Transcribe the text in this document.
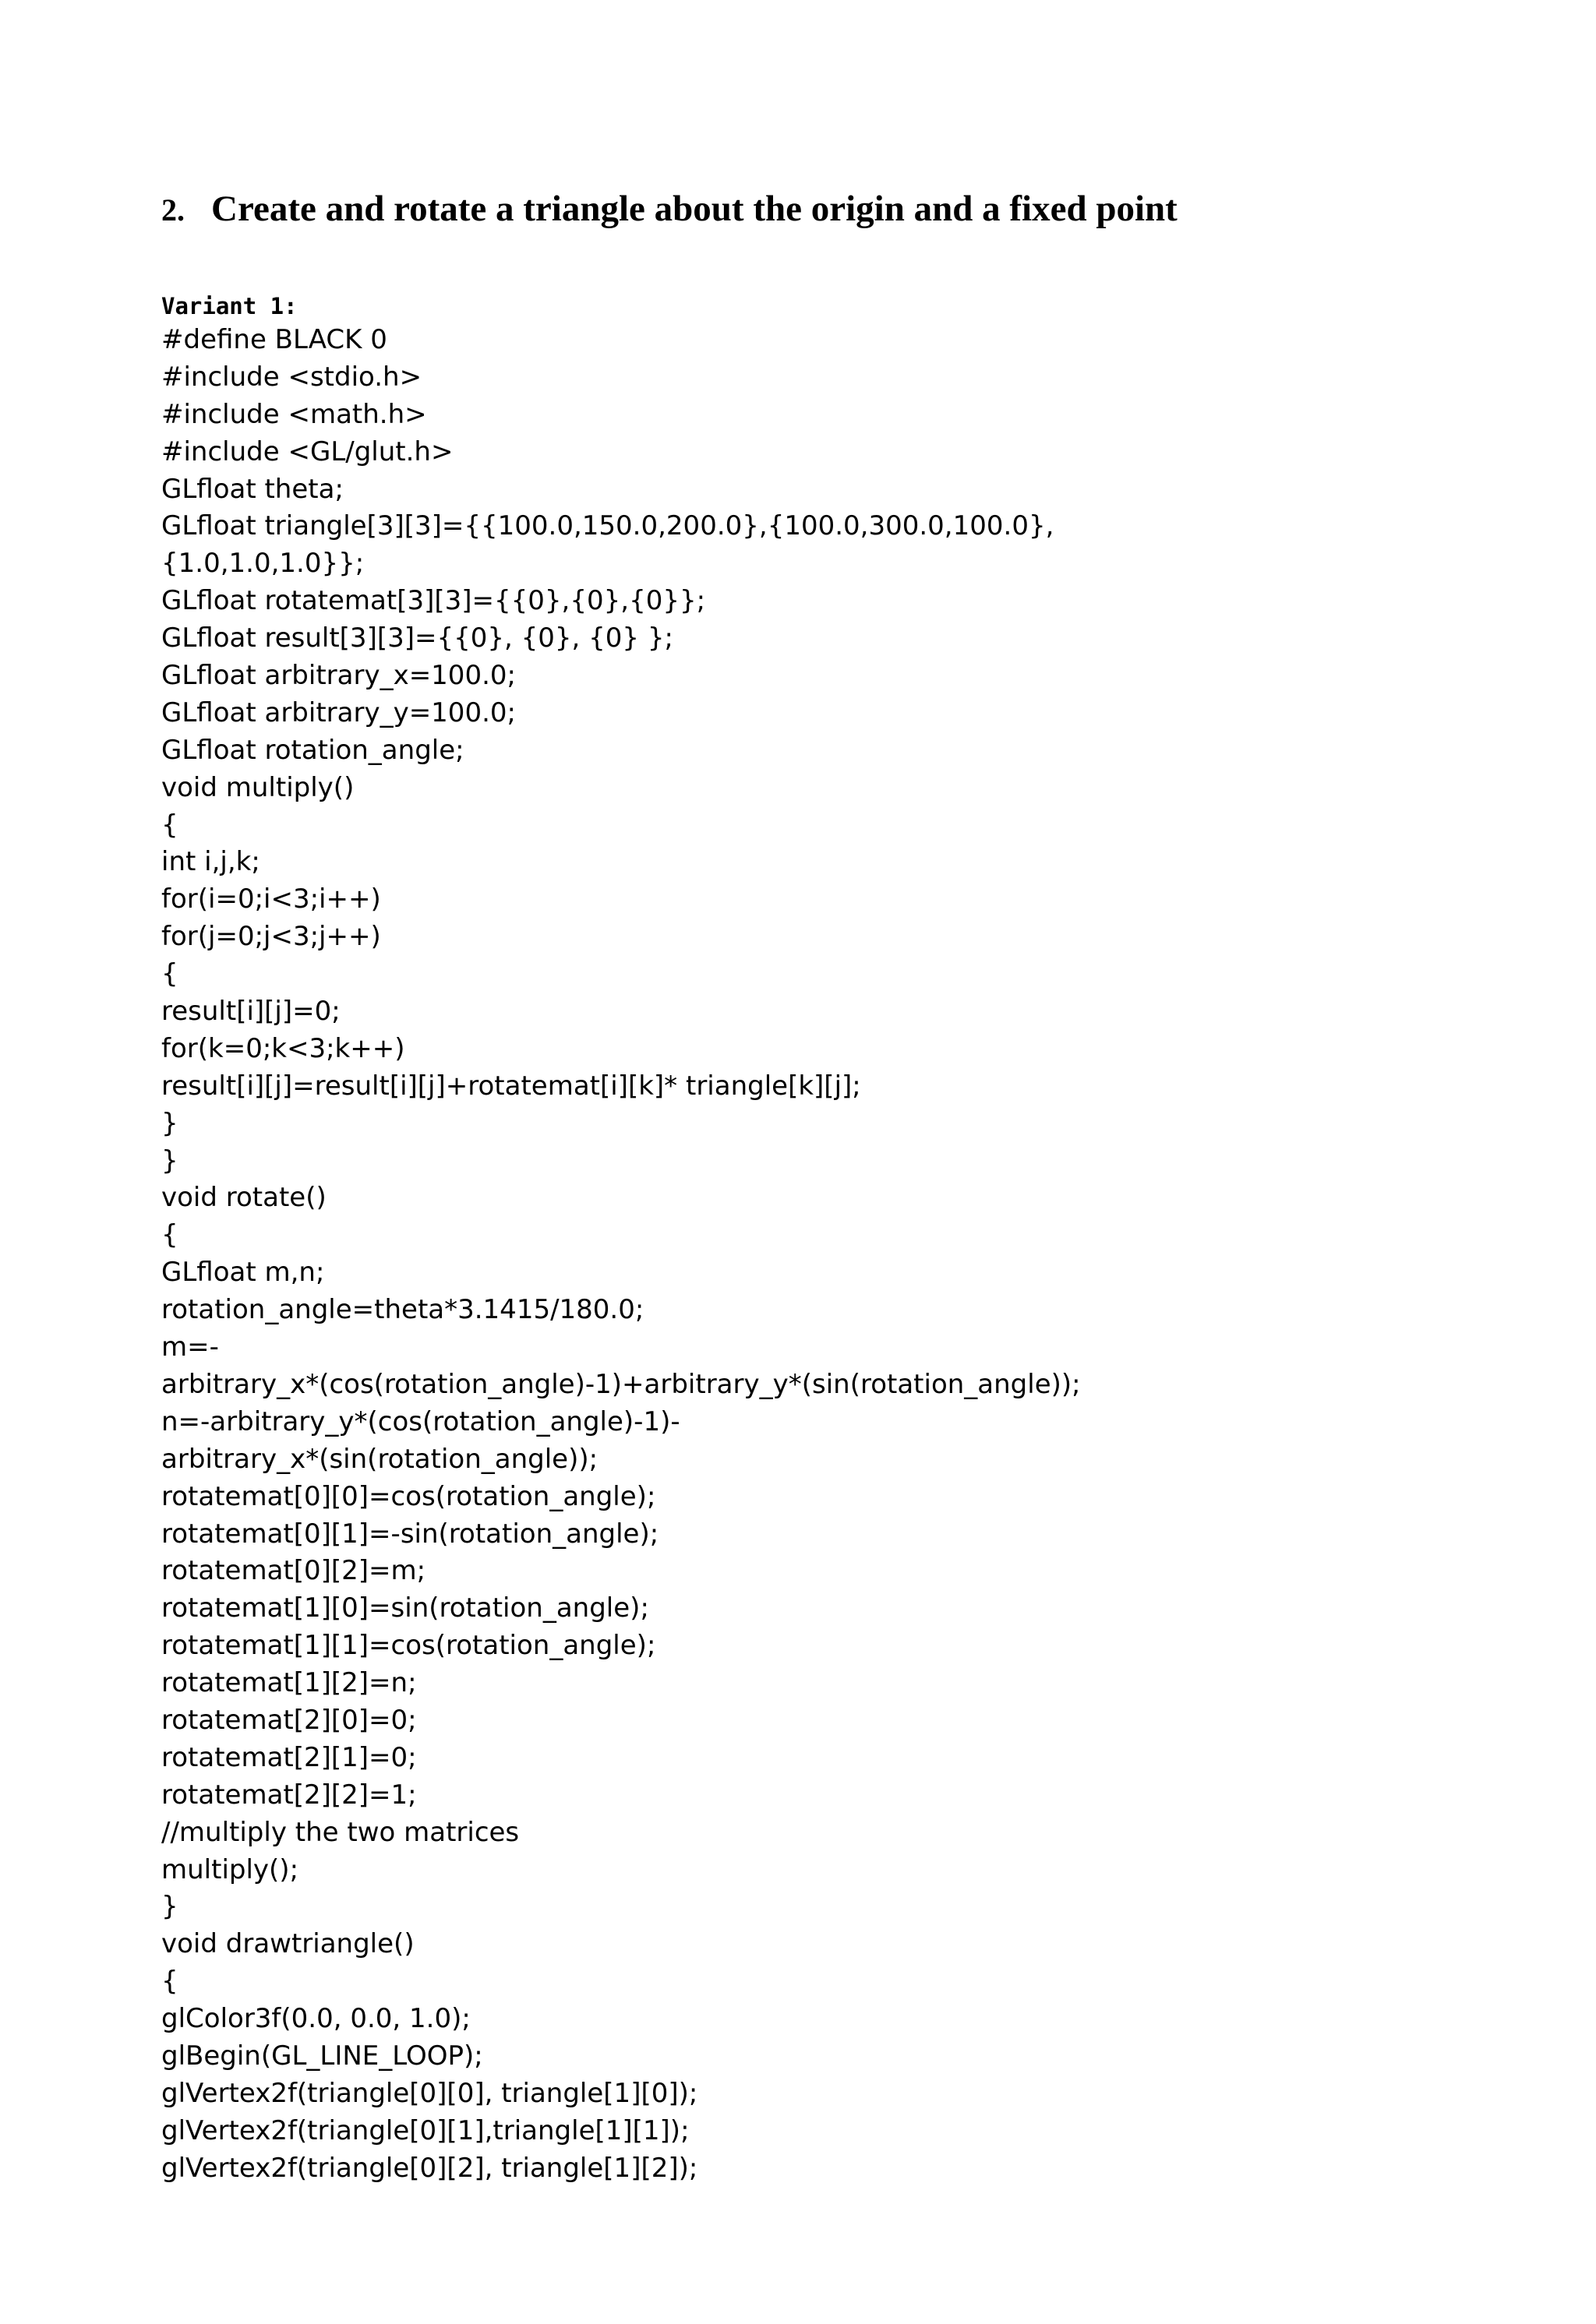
2. Create and rotate a triangle about the origin and a fixed point
Variant 1:
#define BLACK 0
#include <stdio.h>
#include <math.h>
#include <GL/glut.h>
GLfloat theta;
GLfloat triangle[3][3]={{100.0,150.0,200.0},{100.0,300.0,100.0},
{1.0,1.0,1.0}};
GLfloat rotatemat[3][3]={{0},{0},{0}};
GLfloat result[3][3]={{0}, {0}, {0} };
GLfloat arbitrary_x=100.0;
GLfloat arbitrary_y=100.0;
GLfloat rotation_angle;
void multiply()
{
int i,j,k;
for(i=0;i<3;i++)
for(j=0;j<3;j++)
{
result[i][j]=0;
for(k=0;k<3;k++)
result[i][j]=result[i][j]+rotatemat[i][k]* triangle[k][j];
}
}
void rotate()
{
GLfloat m,n;
rotation_angle=theta*3.1415/180.0;
m=-
arbitrary_x*(cos(rotation_angle)-1)+arbitrary_y*(sin(rotation_angle));
n=-arbitrary_y*(cos(rotation_angle)-1)-
arbitrary_x*(sin(rotation_angle));
rotatemat[0][0]=cos(rotation_angle);
rotatemat[0][1]=-sin(rotation_angle);
rotatemat[0][2]=m;
rotatemat[1][0]=sin(rotation_angle);
rotatemat[1][1]=cos(rotation_angle);
rotatemat[1][2]=n;
rotatemat[2][0]=0;
rotatemat[2][1]=0;
rotatemat[2][2]=1;
//multiply the two matrices
multiply();
}
void drawtriangle()
{
glColor3f(0.0, 0.0, 1.0);
glBegin(GL_LINE_LOOP);
glVertex2f(triangle[0][0], triangle[1][0]);
glVertex2f(triangle[0][1],triangle[1][1]);
glVertex2f(triangle[0][2], triangle[1][2]);
